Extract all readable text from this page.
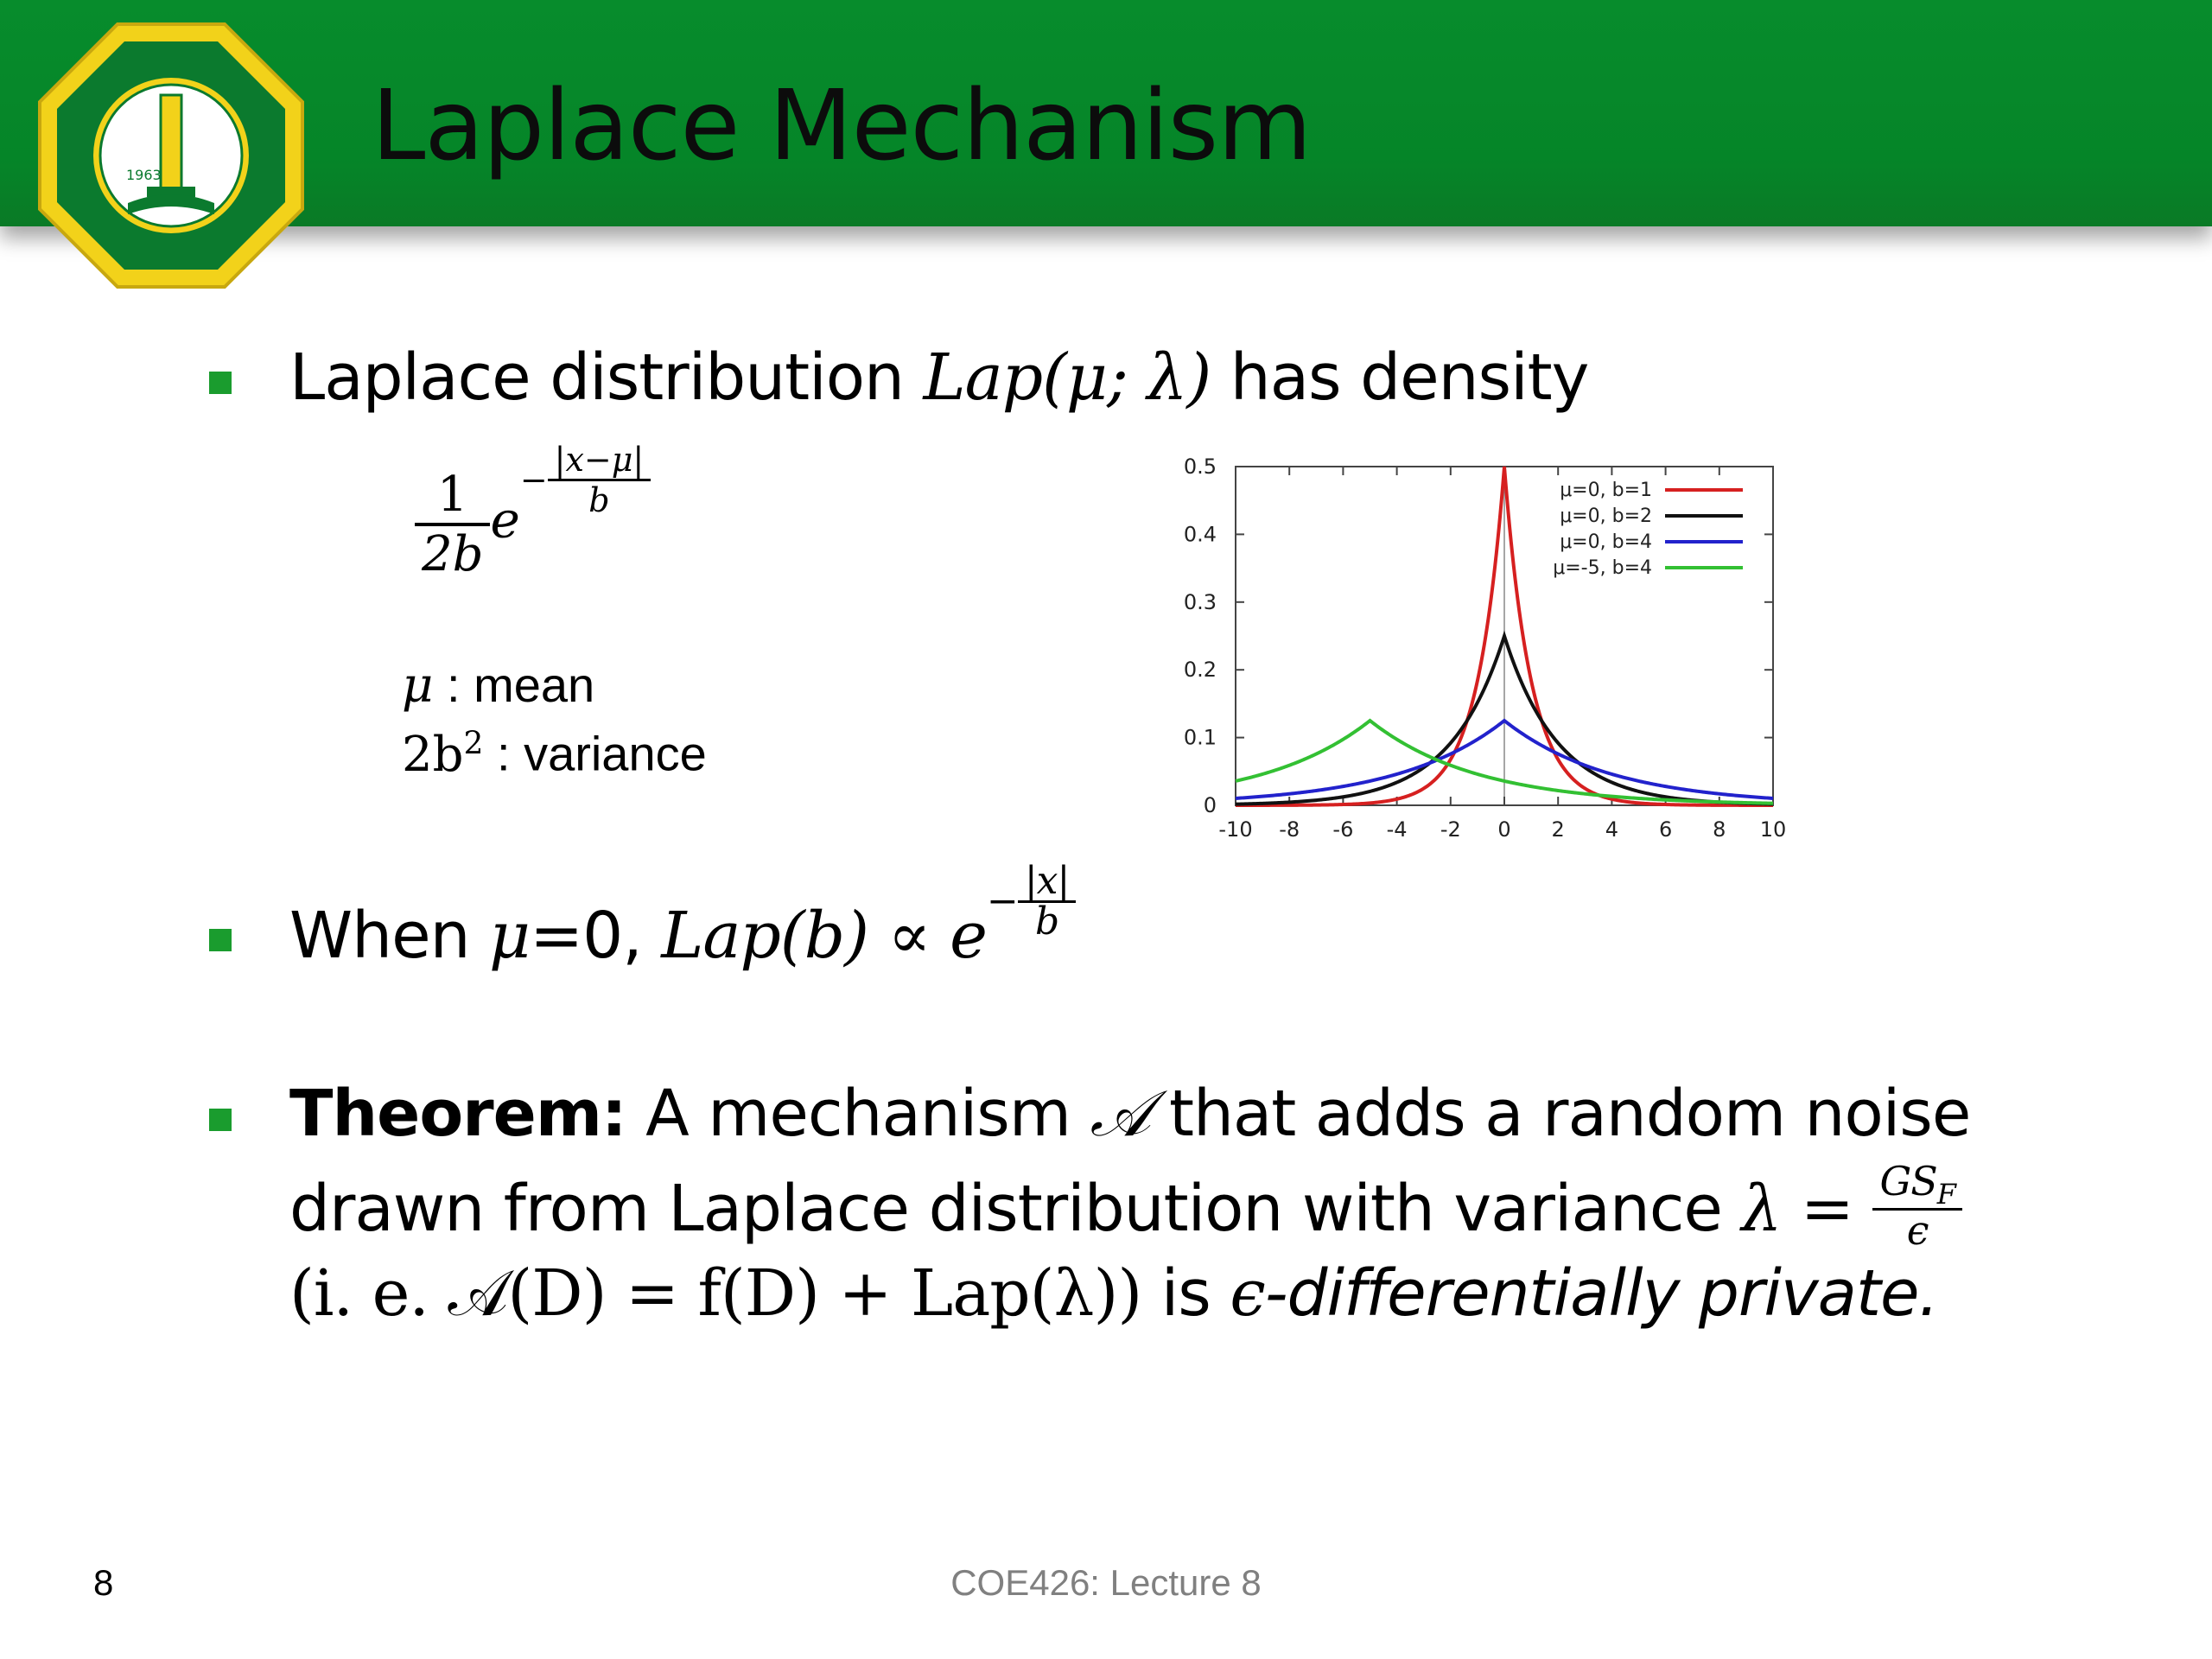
1963 Laplace Mechanism
Laplace distribution Lap(μ; λ) has density
$\frac{1}{2b} e- \frac{|x-\mu|}{b}$
μ : mean
$2b^2$ : variance
-10 -8 -6 -4 -2 0 2 4 6 8 10
0
0.1
0.2
0.3
0.4
0.5
μ=0, b=1
μ=0, b=2
μ=0, b=4
μ=-5, b=4
When μ=0, $Lap(b) \propto e- \frac{|x|}{b}$
Theorem: A mechanism 𝒜 that adds a random noise
drawn from Laplace distribution with variance $\lambda = \frac{GS_F}{\epsilon}$
(i. e. 𝒜(D) = f(D) + Lap(λ)) is ϵ-differentially private.
8	COE426: Lecture 8
